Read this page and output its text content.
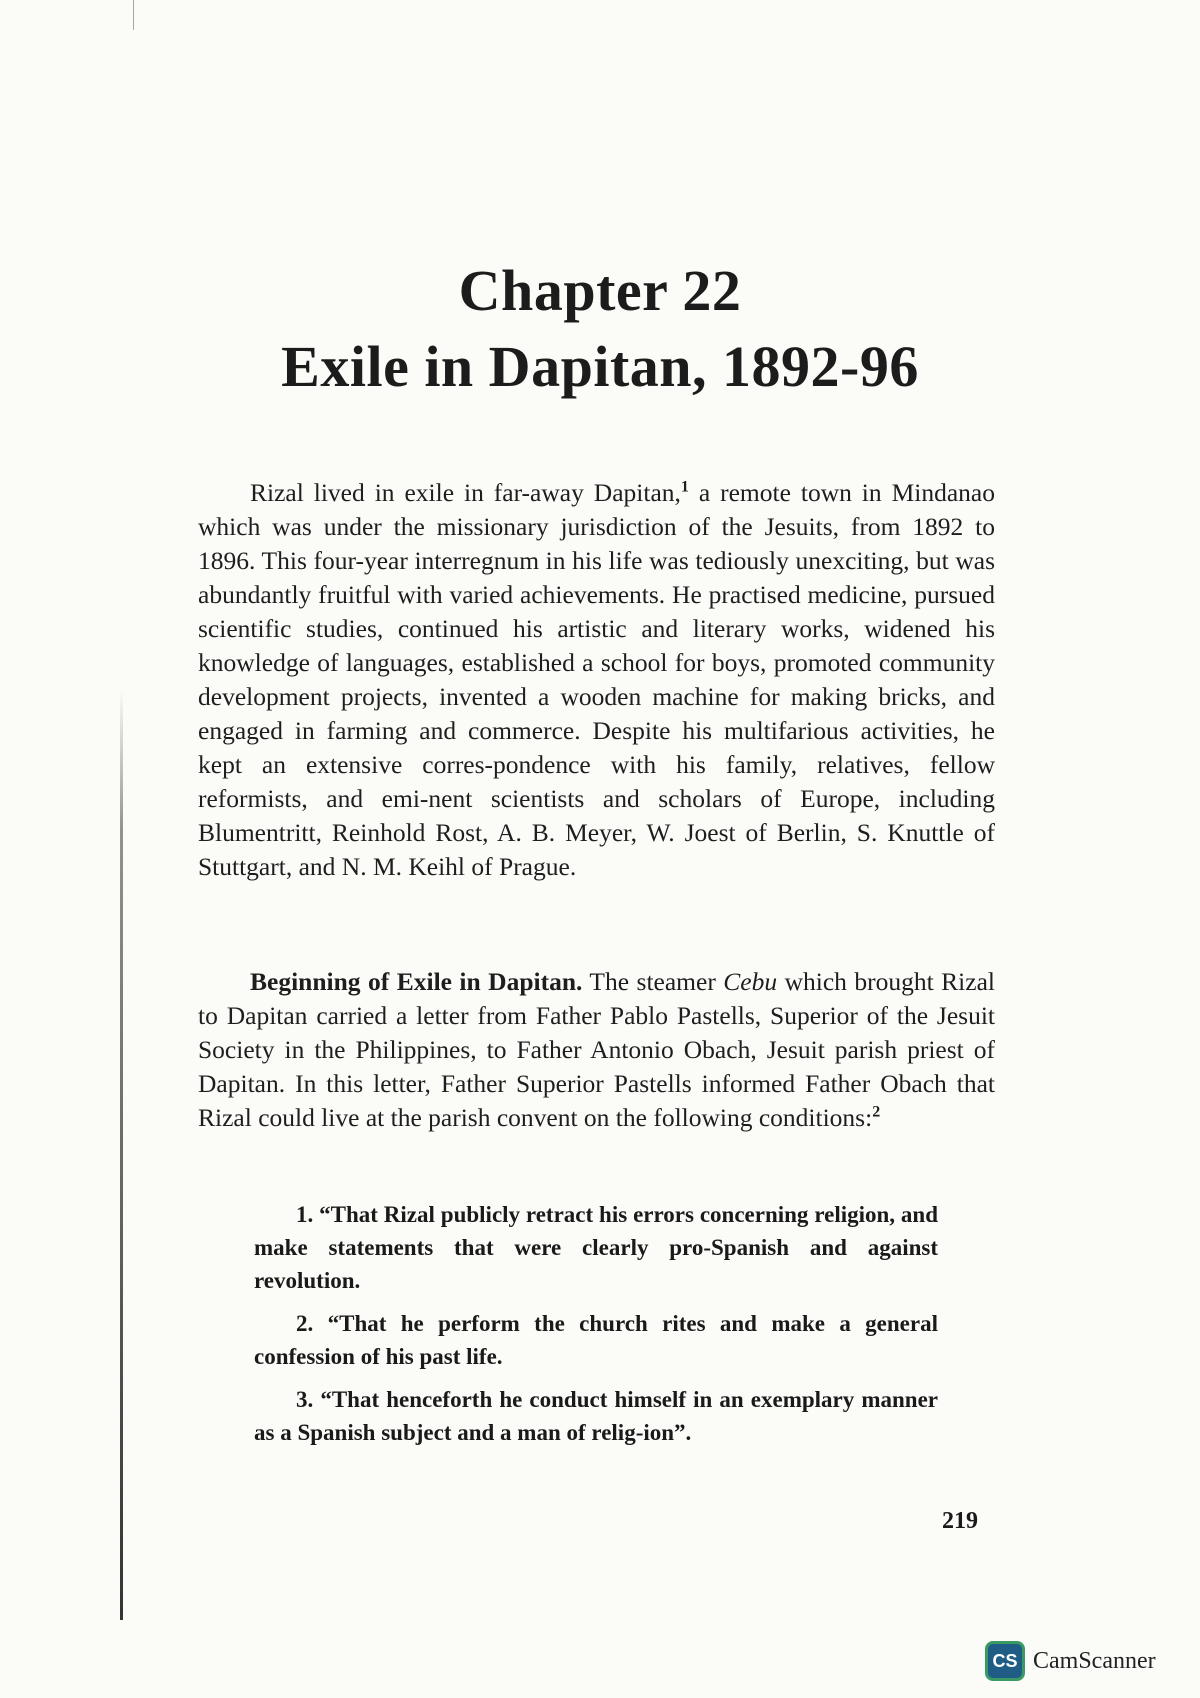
Chapter 22
Exile in Dapitan, 1892-96

Rizal lived in exile in far-away Dapitan,$^1$ a remote town in Mindanao which was under the missionary jurisdiction of the Jesuits, from 1892 to 1896. This four-year interregnum in his life was tediously unexciting, but was abundantly fruitful with varied achievements. He practised medicine, pursued scientific studies, continued his artistic and literary works, widened his knowledge of languages, established a school for boys, promoted community development projects, invented a wooden machine for making bricks, and engaged in farming and commerce. Despite his multifarious activities, he kept an extensive corres-pondence with his family, relatives, fellow reformists, and emi-nent scientists and scholars of Europe, including Blumentritt, Reinhold Rost, A. B. Meyer, W. Joest of Berlin, S. Knuttle of Stuttgart, and N. M. Keihl of Prague.

Beginning of Exile in Dapitan. The steamer Cebu which brought Rizal to Dapitan carried a letter from Father Pablo Pastells, Superior of the Jesuit Society in the Philippines, to Father Antonio Obach, Jesuit parish priest of Dapitan. In this letter, Father Superior Pastells informed Father Obach that Rizal could live at the parish convent on the following conditions:$^2$

1. “That Rizal publicly retract his errors concerning religion, and make statements that were clearly pro-Spanish and against revolution.

2. “That he perform the church rites and make a general confession of his past life.

3. “That henceforth he conduct himself in an exemplary manner as a Spanish subject and a man of relig-ion”.

219
CS CamScanner
